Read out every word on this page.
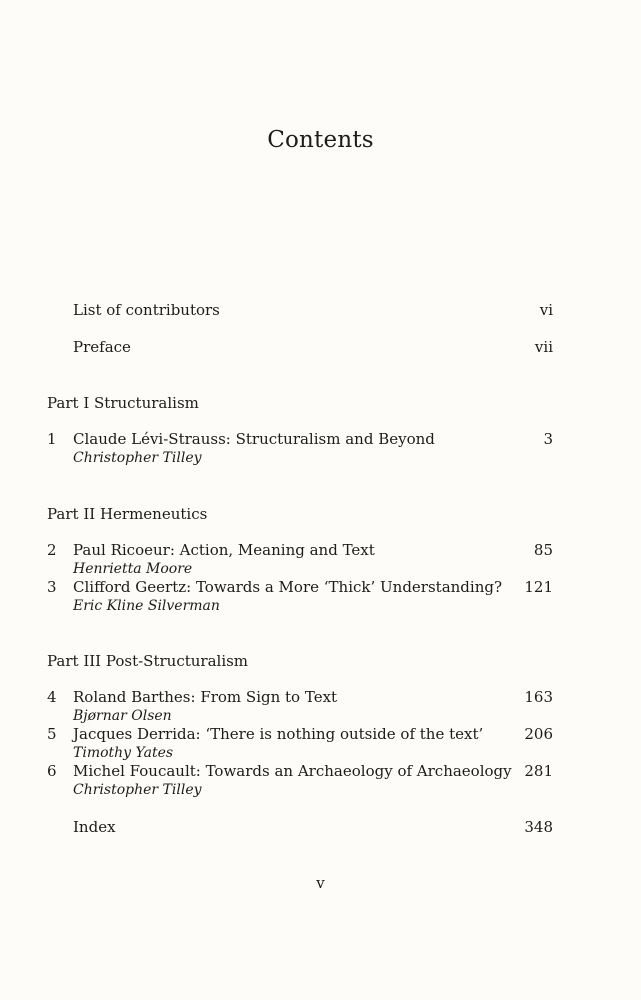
Contents
List of contributors	vi
Preface	vii
Part I Structuralism
1 Claude Lévi-Strauss: Structuralism and Beyond	3
Christopher Tilley
Part II Hermeneutics
2 Paul Ricoeur: Action, Meaning and Text	85
Henrietta Moore
3 Clifford Geertz: Towards a More ‘Thick’ Understanding? 121
Eric Kline Silverman
Part III Post-Structuralism
4 Roland Barthes: From Sign to Text	163
Bjørnar Olsen
5 Jacques Derrida: ‘There is nothing outside of the text’	206
Timothy Yates
6 Michel Foucault: Towards an Archaeology of Archaeology 281
Christopher Tilley
Index	348
v
